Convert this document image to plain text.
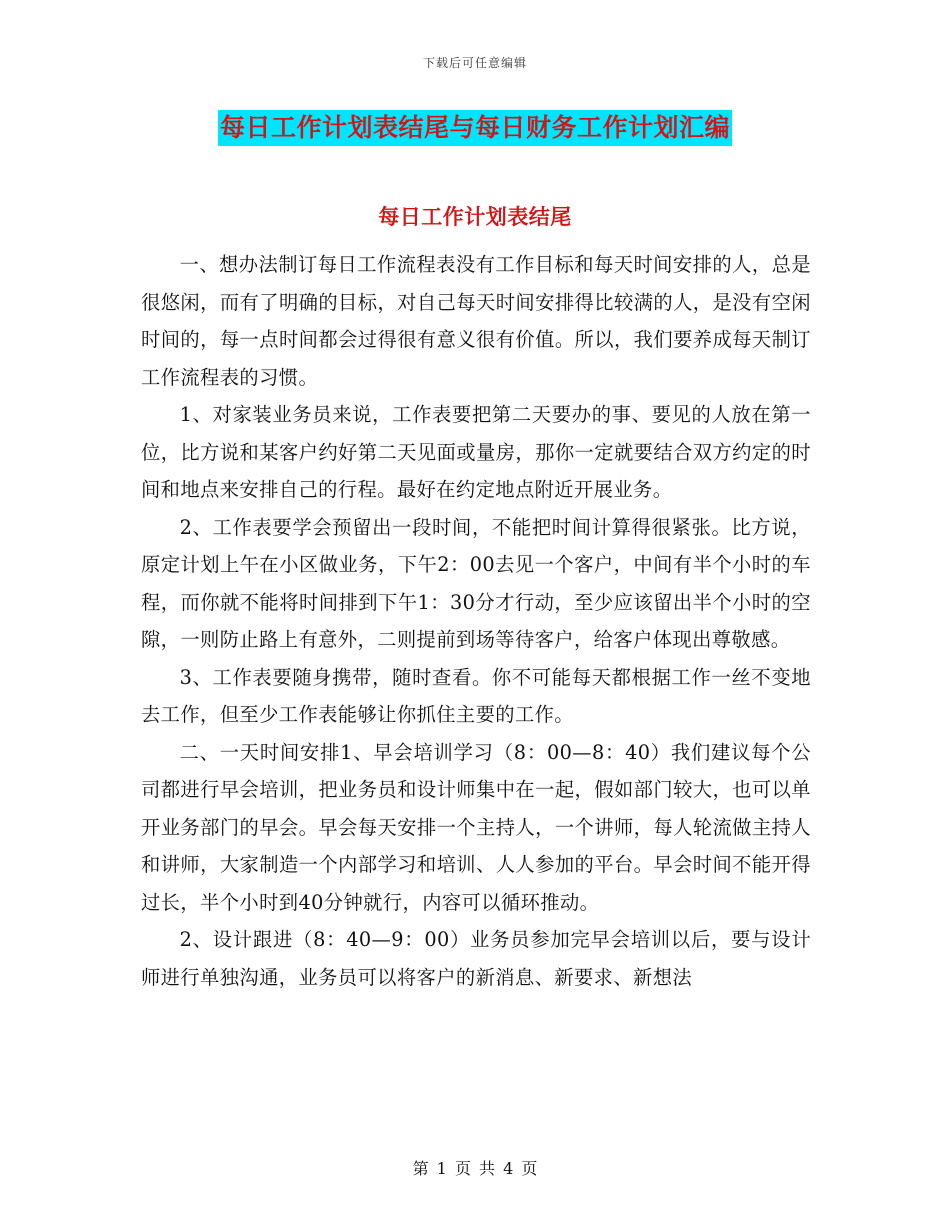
下载后可任意编辑
每日工作计划表结尾与每日财务工作计划汇编
每日工作计划表结尾

一、想办法制订每日工作流程表没有工作目标和每天时间安排的人，总是很悠闲，而有了明确的目标，对自己每天时间安排得比较满的人，是没有空闲时间的，每一点时间都会过得很有意义很有价值。所以，我们要养成每天制订工作流程表的习惯。

1、对家装业务员来说，工作表要把第二天要办的事、要见的人放在第一位，比方说和某客户约好第二天见面或量房，那你一定就要结合双方约定的时间和地点来安排自己的行程。最好在约定地点附近开展业务。

2、工作表要学会预留出一段时间，不能把时间计算得很紧张。比方说，原定计划上午在小区做业务，下午2：00去见一个客户，中间有半个小时的车程，而你就不能将时间排到下午1：30分才行动，至少应该留出半个小时的空隙，一则防止路上有意外，二则提前到场等待客户，给客户体现出尊敬感。

3、工作表要随身携带，随时查看。你不可能每天都根据工作一丝不变地去工作，但至少工作表能够让你抓住主要的工作。

二、一天时间安排1、早会培训学习（8：00—8：40）我们建议每个公司都进行早会培训，把业务员和设计师集中在一起，假如部门较大，也可以单开业务部门的早会。早会每天安排一个主持人，一个讲师，每人轮流做主持人和讲师，大家制造一个内部学习和培训、人人参加的平台。早会时间不能开得过长，半个小时到40分钟就行，内容可以循环推动。

2、设计跟进（8：40—9：00）业务员参加完早会培训以后，要与设计师进行单独沟通，业务员可以将客户的新消息、新要求、新想法

第 1 页 共 4 页
